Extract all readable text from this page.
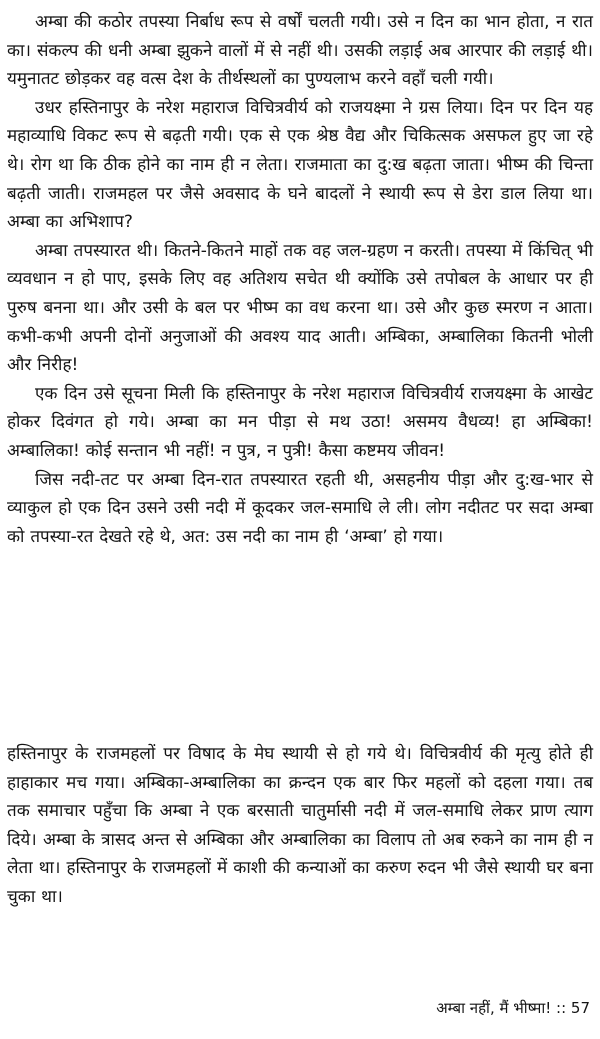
अम्बा की कठोर तपस्या निर्बाध रूप से वर्षों चलती गयी। उसे न दिन का भान होता, न रात का। संकल्प की धनी अम्बा झुकने वालों में से नहीं थी। उसकी लड़ाई अब आरपार की लड़ाई थी। यमुनातट छोड़कर वह वत्स देश के तीर्थस्थलों का पुण्यलाभ करने वहाँ चली गयी।

उधर हस्तिनापुर के नरेश महाराज विचित्रवीर्य को राजयक्ष्मा ने ग्रस लिया। दिन पर दिन यह महाव्याधि विकट रूप से बढ़ती गयी। एक से एक श्रेष्ठ वैद्य और चिकित्सक असफल हुए जा रहे थे। रोग था कि ठीक होने का नाम ही न लेता। राजमाता का दु:ख बढ़ता जाता। भीष्म की चिन्ता बढ़ती जाती। राजमहल पर जैसे अवसाद के घने बादलों ने स्थायी रूप से डेरा डाल लिया था। अम्बा का अभिशाप?

अम्बा तपस्यारत थी। कितने-कितने माहों तक वह जल-ग्रहण न करती। तपस्या में किंचित् भी व्यवधान न हो पाए, इसके लिए वह अतिशय सचेत थी क्योंकि उसे तपोबल के आधार पर ही पुरुष बनना था। और उसी के बल पर भीष्म का वध करना था। उसे और कुछ स्मरण न आता। कभी-कभी अपनी दोनों अनुजाओं की अवश्य याद आती। अम्बिका, अम्बालिका कितनी भोली और निरीह!

एक दिन उसे सूचना मिली कि हस्तिनापुर के नरेश महाराज विचित्रवीर्य राजयक्ष्मा के आखेट होकर दिवंगत हो गये। अम्बा का मन पीड़ा से मथ उठा! असमय वैधव्य! हा अम्बिका! अम्बालिका! कोई सन्तान भी नहीं! न पुत्र, न पुत्री! कैसा कष्टमय जीवन!

जिस नदी-तट पर अम्बा दिन-रात तपस्यारत रहती थी, असहनीय पीड़ा और दु:ख-भार से व्याकुल हो एक दिन उसने उसी नदी में कूदकर जल-समाधि ले ली। लोग नदीतट पर सदा अम्बा को तपस्या-रत देखते रहे थे, अत: उस नदी का नाम ही ‘अम्बा’ हो गया।

हस्तिनापुर के राजमहलों पर विषाद के मेघ स्थायी से हो गये थे। विचित्रवीर्य की मृत्यु होते ही हाहाकार मच गया। अम्बिका-अम्बालिका का क्रन्दन एक बार फिर महलों को दहला गया। तब तक समाचार पहुँचा कि अम्बा ने एक बरसाती चातुर्मासी नदी में जल-समाधि लेकर प्राण त्याग दिये। अम्बा के त्रासद अन्त से अम्बिका और अम्बालिका का विलाप तो अब रुकने का नाम ही न लेता था। हस्तिनापुर के राजमहलों में काशी की कन्याओं का करुण रुदन भी जैसे स्थायी घर बना चुका था।

अम्बा नहीं, मैं भीष्मा! :: 57
